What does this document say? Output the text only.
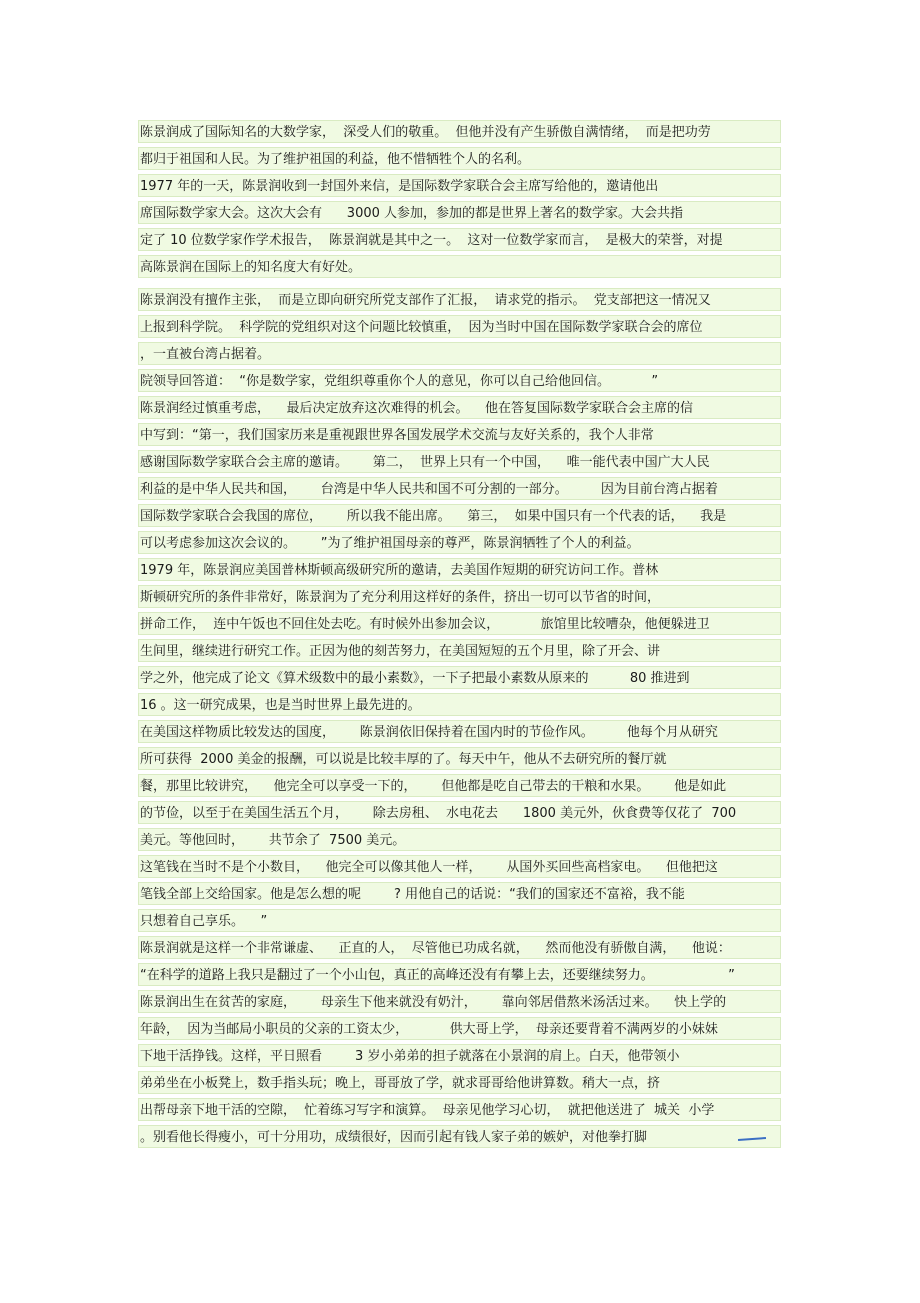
陈景润成了国际知名的大数学家，  深受人们的敬重。  但他并没有产生骄傲自满情绪，  而是把功劳
都归于祖国和人民。为了维护祖国的利益，他不惜牺牲个人的名利。
1977 年的一天，陈景润收到一封国外来信，是国际数学家联合会主席写给他的，邀请他出
席国际数学家大会。这次大会有      3000 人参加，参加的都是世界上著名的数学家。大会共指
定了 10 位数学家作学术报告，  陈景润就是其中之一。  这对一位数学家而言，  是极大的荣誉，对提
高陈景润在国际上的知名度大有好处。
陈景润没有擅作主张，  而是立即向研究所党支部作了汇报，  请求党的指示。  党支部把这一情况又
上报到科学院。  科学院的党组织对这个问题比较慎重，  因为当时中国在国际数学家联合会的席位
，一直被台湾占据着。
院领导回答道：  “你是数学家，党组织尊重你个人的意见，你可以自己给他回信。          ”
陈景润经过慎重考虑，    最后决定放弃这次难得的机会。    他在答复国际数学家联合会主席的信
中写到：“第一，我们国家历来是重视跟世界各国发展学术交流与友好关系的，我个人非常
感谢国际数学家联合会主席的邀请。      第二，  世界上只有一个中国，    唯一能代表中国广大人民
利益的是中华人民共和国，      台湾是中华人民共和国不可分割的一部分。        因为目前台湾占据着
国际数学家联合会我国的席位，      所以我不能出席。    第三，  如果中国只有一个代表的话，    我是
可以考虑参加这次会议的。      ”为了维护祖国母亲的尊严，陈景润牺牲了个人的利益。
1979 年，陈景润应美国普林斯顿高级研究所的邀请，去美国作短期的研究访问工作。普林
斯顿研究所的条件非常好，陈景润为了充分利用这样好的条件，挤出一切可以节省的时间，
拼命工作，  连中午饭也不回住处去吃。有时候外出参加会议，          旅馆里比较嘈杂，他便躲进卫
生间里，继续进行研究工作。正因为他的刻苦努力，在美国短短的五个月里，除了开会、讲
学之外，他完成了论文《算术级数中的最小素数》，一下子把最小素数从原来的          80 推进到
16 。这一研究成果，也是当时世界上最先进的。
在美国这样物质比较发达的国度，      陈景润依旧保持着在国内时的节俭作风。        他每个月从研究
所可获得  2000 美金的报酬，可以说是比较丰厚的了。每天中午，他从不去研究所的餐厅就
餐，那里比较讲究，    他完全可以享受一下的，      但他都是吃自己带去的干粮和水果。      他是如此
的节俭，以至于在美国生活五个月，      除去房租、  水电花去      1800 美元外，伙食费等仅花了  700
美元。等他回时，      共节余了  7500 美元。
这笔钱在当时不是个小数目，    他完全可以像其他人一样，      从国外买回些高档家电。    但他把这
笔钱全部上交给国家。他是怎么想的呢        ? 用他自己的话说：“我们的国家还不富裕，我不能
只想着自己享乐。    ”
陈景润就是这样一个非常谦虚、    正直的人，  尽管他已功成名就，    然而他没有骄傲自满，    他说：
“在科学的道路上我只是翻过了一个小山包，真正的高峰还没有有攀上去，还要继续努力。                  ”
陈景润出生在贫苦的家庭，      母亲生下他来就没有奶汁，      靠向邻居借熬米汤活过来。    快上学的
年龄，  因为当邮局小职员的父亲的工资太少，          供大哥上学，  母亲还要背着不满两岁的小妹妹
下地干活挣钱。这样，平日照看        3 岁小弟弟的担子就落在小景润的肩上。白天，他带领小
弟弟坐在小板凳上，数手指头玩；晚上，哥哥放了学，就求哥哥给他讲算数。稍大一点，挤
出帮母亲下地干活的空隙，  忙着练习写字和演算。  母亲见他学习心切，  就把他送进了  城关  小学
。别看他长得瘦小，可十分用功，成绩很好，因而引起有钱人家子弟的嫉妒，对他拳打脚
